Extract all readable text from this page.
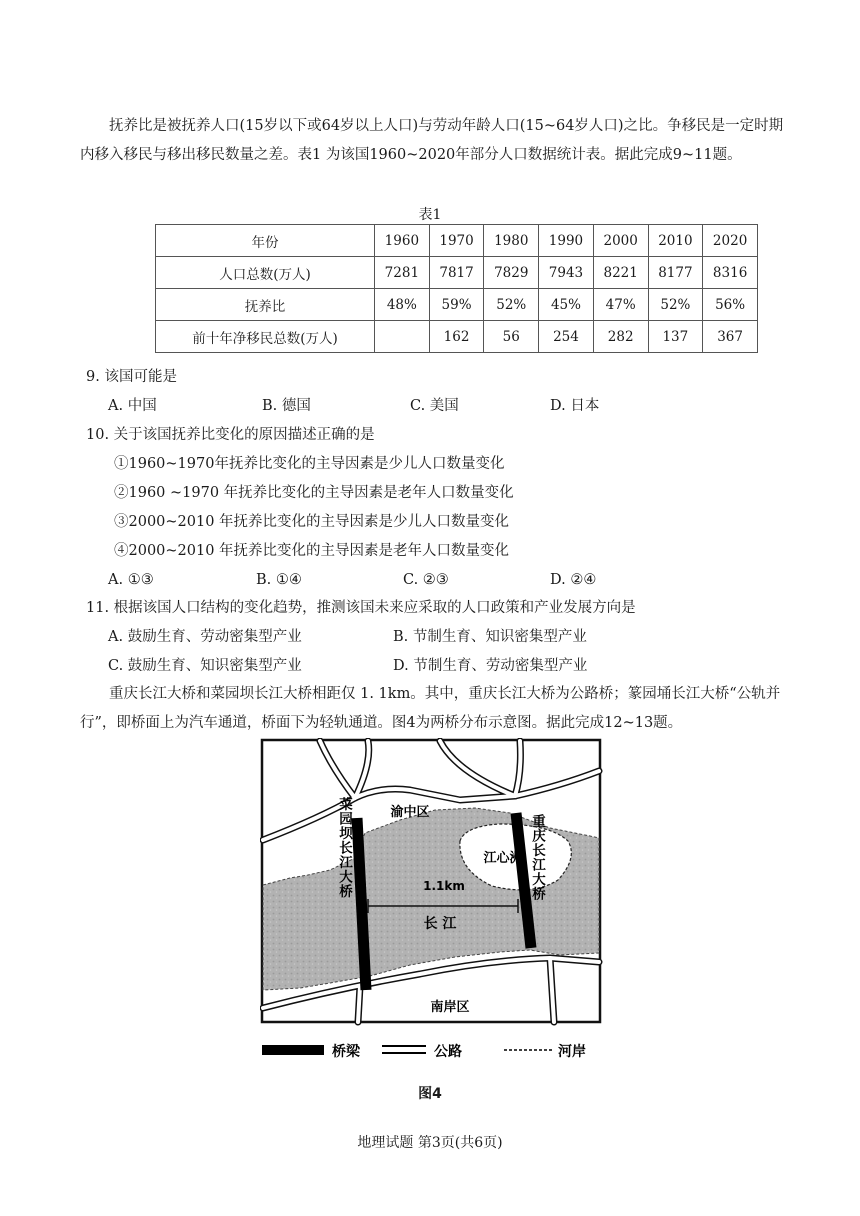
抚养比是被抚养人口(15岁以下或64岁以上人口)与劳动年龄人口(15~64岁人口)之比。争移民是一定时期内移入移民与移出移民数量之差。表1 为该国1960~2020年部分人口数据统计表。据此完成9~11题。

表1
年份	1960	1970	1980	1990	2000	2010	2020
人口总数(万人)	7281	7817	7829	7943	8221	8177	8316
抚养比	48%	59%	52%	45%	47%	52%	56%
前十年净移民总数(万人)		162	56	254	282	137	367
9. 该国可能是
A. 中国	B. 德国	C. 美国	D. 日本
10. 关于该国抚养比变化的原因描述正确的是
①1960~1970年抚养比变化的主导因素是少儿人口数量变化
②1960 ~1970 年抚养比变化的主导因素是老年人口数量变化
③2000~2010 年抚养比变化的主导因素是少儿人口数量变化
④2000~2010 年抚养比变化的主导因素是老年人口数量变化
A. ①③	B. ①④	C. ②③	D. ②④
11. 根据该国人口结构的变化趋势，推测该国未来应采取的人口政策和产业发展方向是
A. 鼓励生育、劳动密集型产业	B. 节制生育、知识密集型产业
C. 鼓励生育、知识密集型产业	D. 节制生育、劳动密集型产业

重庆长江大桥和菜园坝长江大桥相距仅 1. 1km。其中，重庆长江大桥为公路桥；篆园埇长江大桥“公轨并行”，即桥面上为汽车通道，桥面下为轻轨通道。图4为两桥分布示意图。据此完成12~13题。

渝中区
江心洲
1.1km
长 江
南岸区
菜园坝长江大桥	重庆长江大桥
桥梁	公路	河岸
图4
地理试题 第3页(共6页)
